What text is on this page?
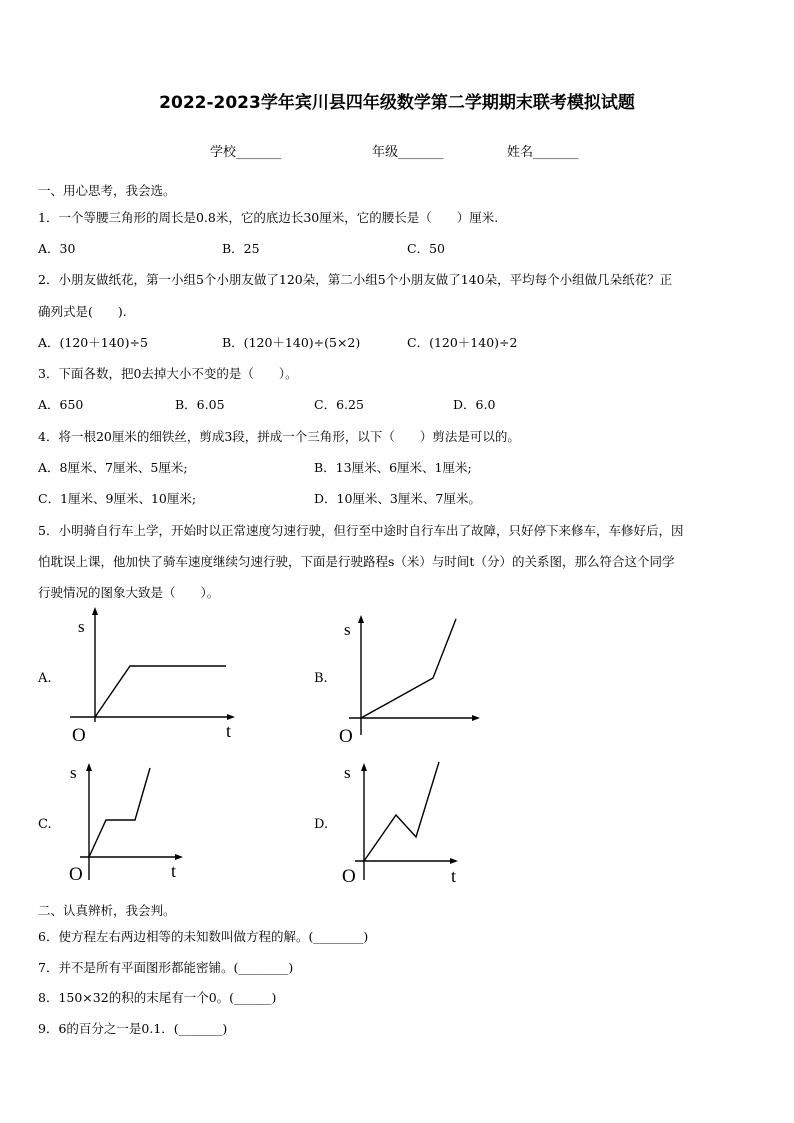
2022-2023学年宾川县四年级数学第二学期期末联考模拟试题
学校_______	年级_______	姓名_______
一、用心思考，我会选。
1．一个等腰三角形的周长是0.8米，它的底边长30厘米，它的腰长是（　　）厘米.
A．30	B．25	C．50
2．小朋友做纸花，第一小组5个小朋友做了120朵，第二小组5个小朋友做了140朵，平均每个小组做几朵纸花？正
确列式是(　　).
A．(120＋140)÷5	B．(120＋140)÷(5×2)	C．(120＋140)÷2
3．下面各数，把0去掉大小不变的是（　　）。
A．650	B．6.05	C．6.25	D．6.0
4．将一根20厘米的细铁丝，剪成3段，拼成一个三角形，以下（　　）剪法是可以的。
A．8厘米、7厘米、5厘米;	B．13厘米、6厘米、1厘米;
C．1厘米、9厘米、10厘米;	D．10厘米、3厘米、7厘米。
5．小明骑自行车上学，开始时以正常速度匀速行驶，但行至中途时自行车出了故障，只好停下来修车，车修好后，因
怕耽误上课，他加快了骑车速度继续匀速行驶，下面是行驶路程s（米）与时间t（分）的关系图，那么符合这个同学
行驶情况的图象大致是（　　）。
A.
s
O	t
B.
s
O
C.
s
O	t
D.
s
O	t
二、认真辨析，我会判。
6．使方程左右两边相等的未知数叫做方程的解。(________)
7．并不是所有平面图形都能密铺。(________)
8．150×32的积的末尾有一个0。(______)
9．6的百分之一是0.1．(_______)
